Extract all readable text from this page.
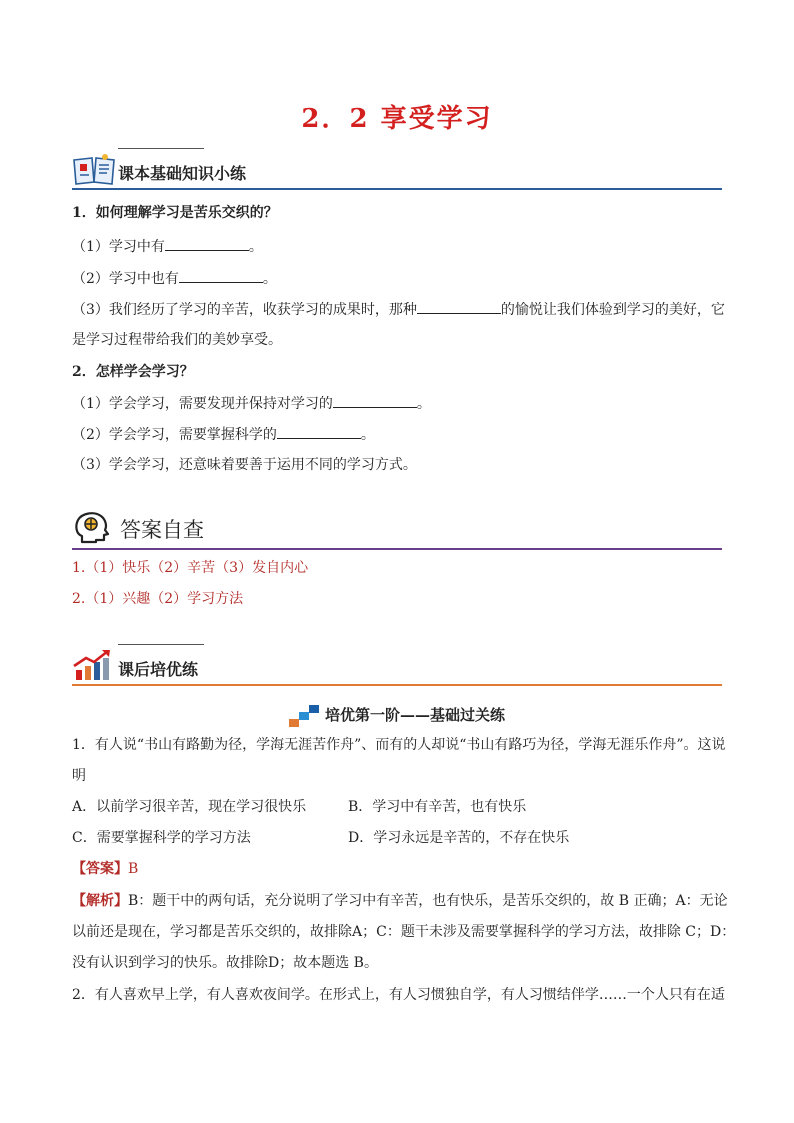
2．2 享受学习
课本基础知识小练
1．如何理解学习是苦乐交织的？
（1）学习中有	。
（2）学习中也有	。
（3）我们经历了学习的辛苦，收获学习的成果时，那种	的愉悦让我们体验到学习的美好，它
是学习过程带给我们的美妙享受。
2．怎样学会学习？
（1）学会学习，需要发现并保持对学习的	。
（2）学会学习，需要掌握科学的	。
（3）学会学习，还意味着要善于运用不同的学习方式。
答案自查
1.（1）快乐（2）辛苦（3）发自内心
2.（1）兴趣（2）学习方法
课后培优练
培优第一阶——基础过关练
1．有人说“书山有路勤为径，学海无涯苦作舟”、而有的人却说“书山有路巧为径，学海无涯乐作舟”。这说
明
A．以前学习很辛苦，现在学习很快乐	B．学习中有辛苦，也有快乐
C．需要掌握科学的学习方法	D．学习永远是辛苦的，不存在快乐
【答案】B
【解析】B：题干中的两句话，充分说明了学习中有辛苦，也有快乐，是苦乐交织的，故 B 正确；A：无论
以前还是现在，学习都是苦乐交织的，故排除A；C：题干未涉及需要掌握科学的学习方法，故排除 C；D：
没有认识到学习的快乐。故排除D；故本题选 B。
2．有人喜欢早上学，有人喜欢夜间学。在形式上，有人习惯独自学，有人习惯结伴学……一个人只有在适
